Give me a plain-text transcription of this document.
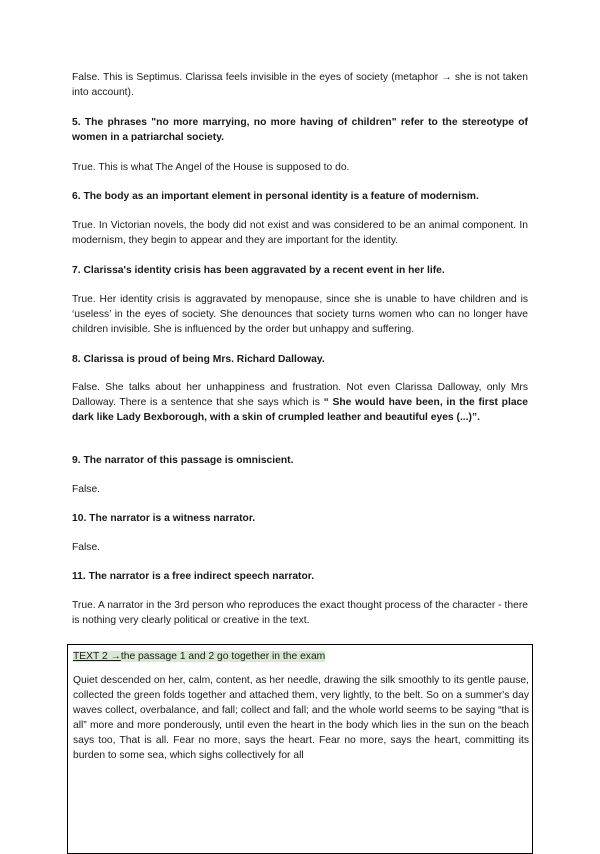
False. This is Septimus. Clarissa feels invisible in the eyes of society (metaphor → she is not taken into account).
5. The phrases "no more marrying, no more having of children" refer to the stereotype of women in a patriarchal society.
True. This is what The Angel of the House is supposed to do.
6. The body as an important element in personal identity is a feature of modernism.
True. In Victorian novels, the body did not exist and was considered to be an animal component. In modernism, they begin to appear and they are important for the identity.
7. Clarissa's identity crisis has been aggravated by a recent event in her life.
True. Her identity crisis is aggravated by menopause, since she is unable to have children and is ‘useless’ in the eyes of society. She denounces that society turns women who can no longer have children invisible. She is influenced by the order but unhappy and suffering.
8. Clarissa is proud of being Mrs. Richard Dalloway.
False. She talks about her unhappiness and frustration. Not even Clarissa Dalloway, only Mrs Dalloway. There is a sentence that she says which is “ She would have been, in the first place dark like Lady Bexborough, with a skin of crumpled leather and beautiful eyes (...)”.
9. The narrator of this passage is omniscient.
False.
10. The narrator is a witness narrator.
False.
11. The narrator is a free indirect speech narrator.
True. A narrator in the 3rd person who reproduces the exact thought process of the character - there is nothing very clearly political or creative in the text.
TEXT 2 →the passage 1 and 2 go together in the exam
Quiet descended on her, calm, content, as her needle, drawing the silk smoothly to its gentle pause, collected the green folds together and attached them, very lightly, to the belt. So on a summer's day waves collect, overbalance, and fall; collect and fall; and the whole world seems to be saying “that is all” more and more ponderously, until even the heart in the body which lies in the sun on the beach says too, That is all. Fear no more, says the heart. Fear no more, says the heart, committing its burden to some sea, which sighs collectively for all
